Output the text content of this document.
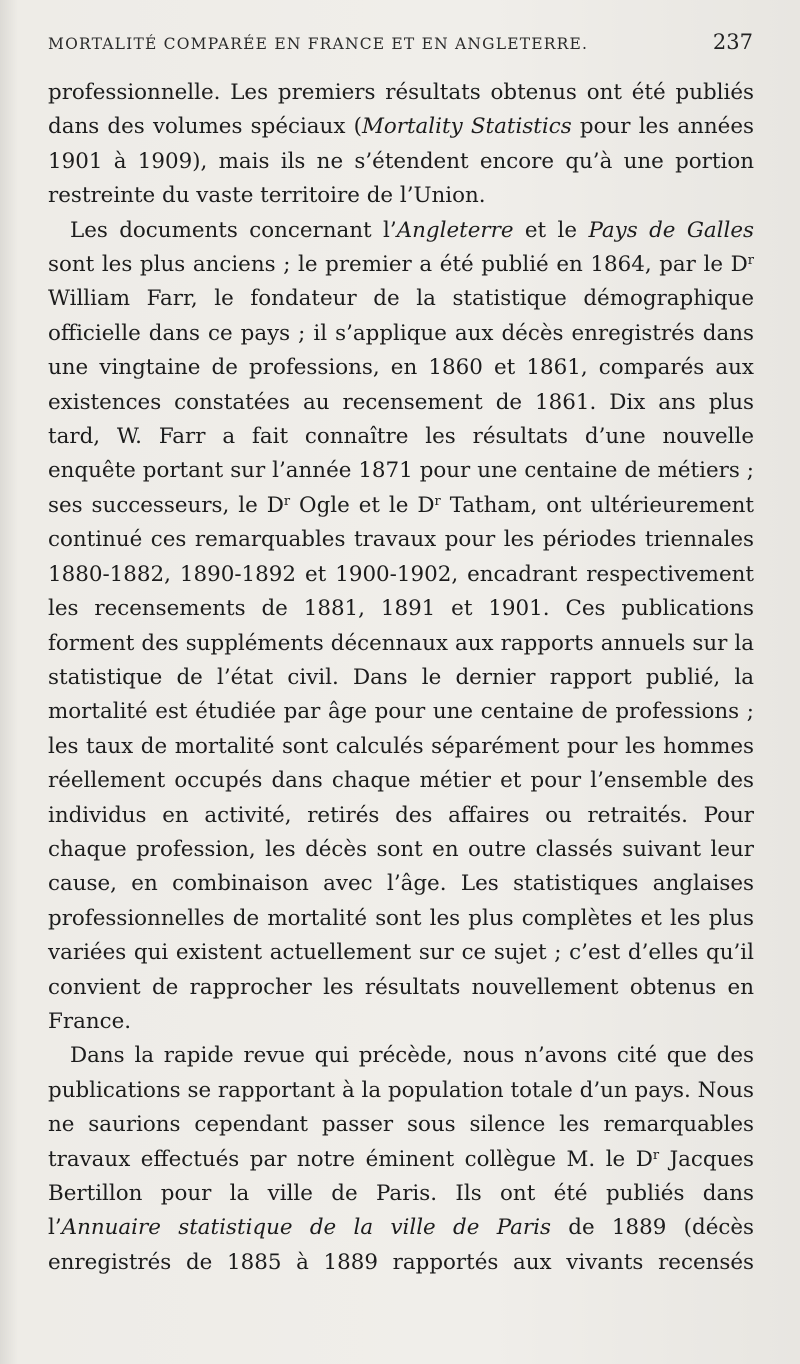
MORTALITÉ COMPARÉE EN FRANCE ET EN ANGLETERRE.	237

professionnelle. Les premiers résultats obtenus ont été publiés dans des volumes spéciaux (Mortality Statistics pour les années 1901 à 1909), mais ils ne s’étendent encore qu’à une portion restreinte du vaste territoire de l’Union.

Les documents concernant l’Angleterre et le Pays de Galles sont les plus anciens ; le premier a été publié en 1864, par le $D^r$ William Farr, le fondateur de la statistique démographique officielle dans ce pays ; il s’applique aux décès enregistrés dans une vingtaine de professions, en 1860 et 1861, comparés aux existences constatées au recensement de 1861. Dix ans plus tard, W. Farr a fait connaître les résultats d’une nouvelle enquête portant sur l’année 1871 pour une centaine de métiers ; ses successeurs, le $D^r$ Ogle et le $D^r$ Tatham, ont ultérieurement continué ces remarquables travaux pour les périodes triennales 1880-1882, 1890-1892 et 1900-1902, encadrant respectivement les recensements de 1881, 1891 et 1901. Ces publications forment des suppléments décennaux aux rapports annuels sur la statistique de l’état civil. Dans le dernier rapport publié, la mortalité est étudiée par âge pour une centaine de professions ; les taux de mortalité sont calculés séparément pour les hommes réellement occupés dans chaque métier et pour l’ensemble des individus en activité, retirés des affaires ou retraités. Pour chaque profession, les décès sont en outre classés suivant leur cause, en combinaison avec l’âge. Les statistiques anglaises professionnelles de mortalité sont les plus complètes et les plus variées qui existent actuellement sur ce sujet ; c’est d’elles qu’il convient de rapprocher les résultats nouvellement obtenus en France.

Dans la rapide revue qui précède, nous n’avons cité que des publications se rapportant à la population totale d’un pays. Nous ne saurions cependant passer sous silence les remarquables travaux effectués par notre éminent collègue M. le $D^r$ Jacques Bertillon pour la ville de Paris. Ils ont été publiés dans l’Annuaire statistique de la ville de Paris de 1889 (décès enregistrés de 1885 à 1889 rapportés aux vivants recensés
